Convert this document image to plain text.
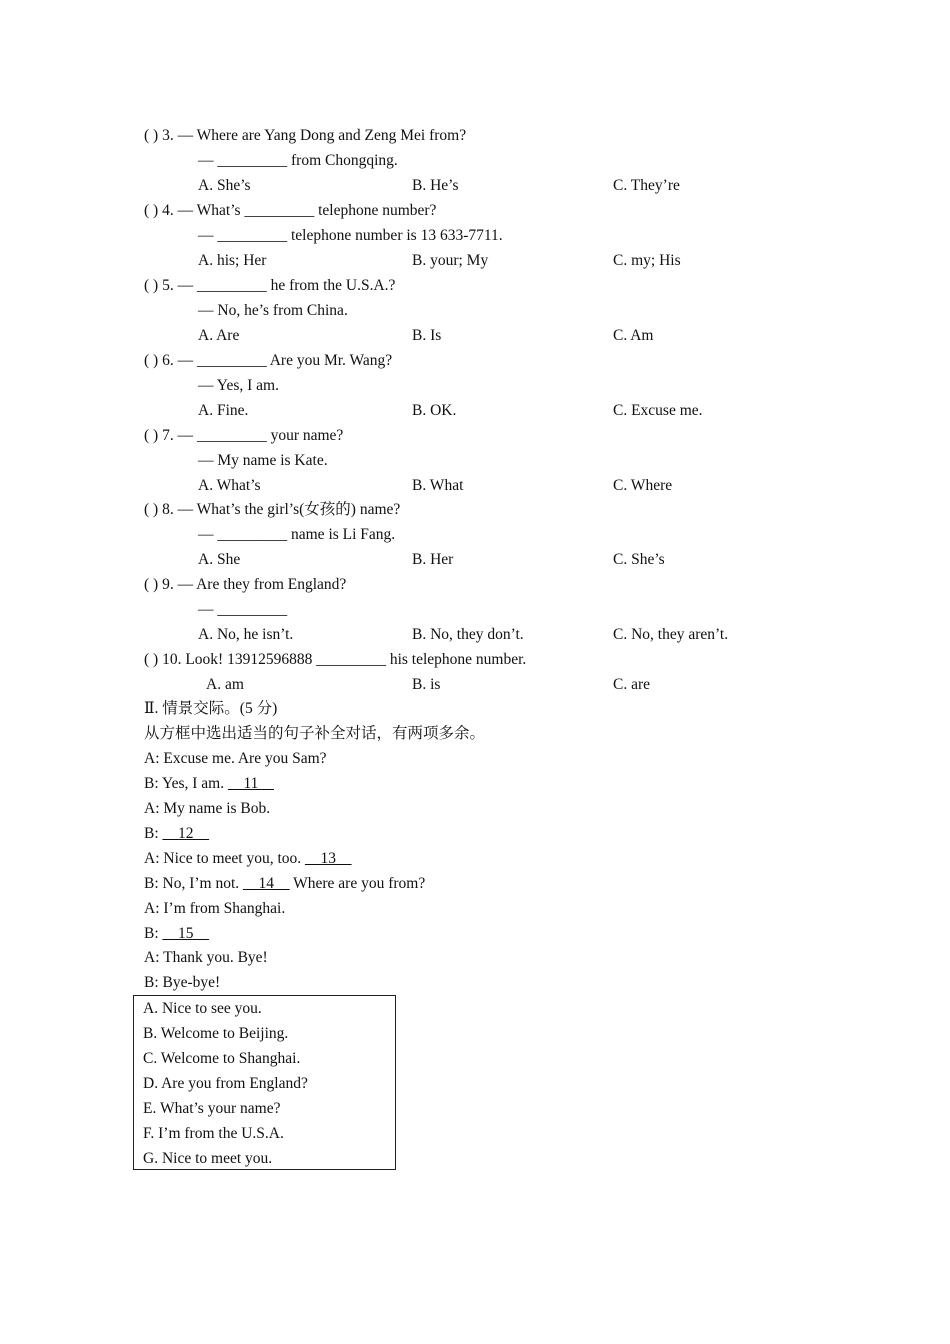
( ) 3. — Where are Yang Dong and Zeng Mei from?
— _________ from Chongqing.
A. She’s	B. He’s	C. They’re
( ) 4. — What’s _________ telephone number?
— _________ telephone number is 13 633-7711.
A. his; Her	B. your; My	C. my; His
( ) 5. — _________ he from the U.S.A.?
— No, he’s from China.
A. Are	B. Is	C. Am
( ) 6. — _________ Are you Mr. Wang?
— Yes, I am.
A. Fine.	B. OK.	C. Excuse me.
( ) 7. — _________ your name?
— My name is Kate.
A. What’s	B. What	C. Where
( ) 8. — What’s the girl’s(女孩的) name?
— _________ name is Li Fang.
A. She	B. Her	C. She’s
( ) 9. — Are they from England?
— _________
A. No, he isn’t.	B. No, they don’t.	C. No, they aren’t.
( ) 10. Look! 13912596888 _________ his telephone number.
A. am	B. is	C. are
Ⅱ. 情景交际。(5 分)
从方框中选出适当的句子补全对话，有两项多余。
A: Excuse me. Are you Sam?
B: Yes, I am. __11__
A: My name is Bob.
B: __12__
A: Nice to meet you, too. __13__
B: No, I’m not. __14__ Where are you from?
A: I’m from Shanghai.
B: __15__
A: Thank you. Bye!
B: Bye-bye!
A. Nice to see you.
B. Welcome to Beijing.
C. Welcome to Shanghai.
D. Are you from England?
E. What’s your name?
F. I’m from the U.S.A.
G. Nice to meet you.
